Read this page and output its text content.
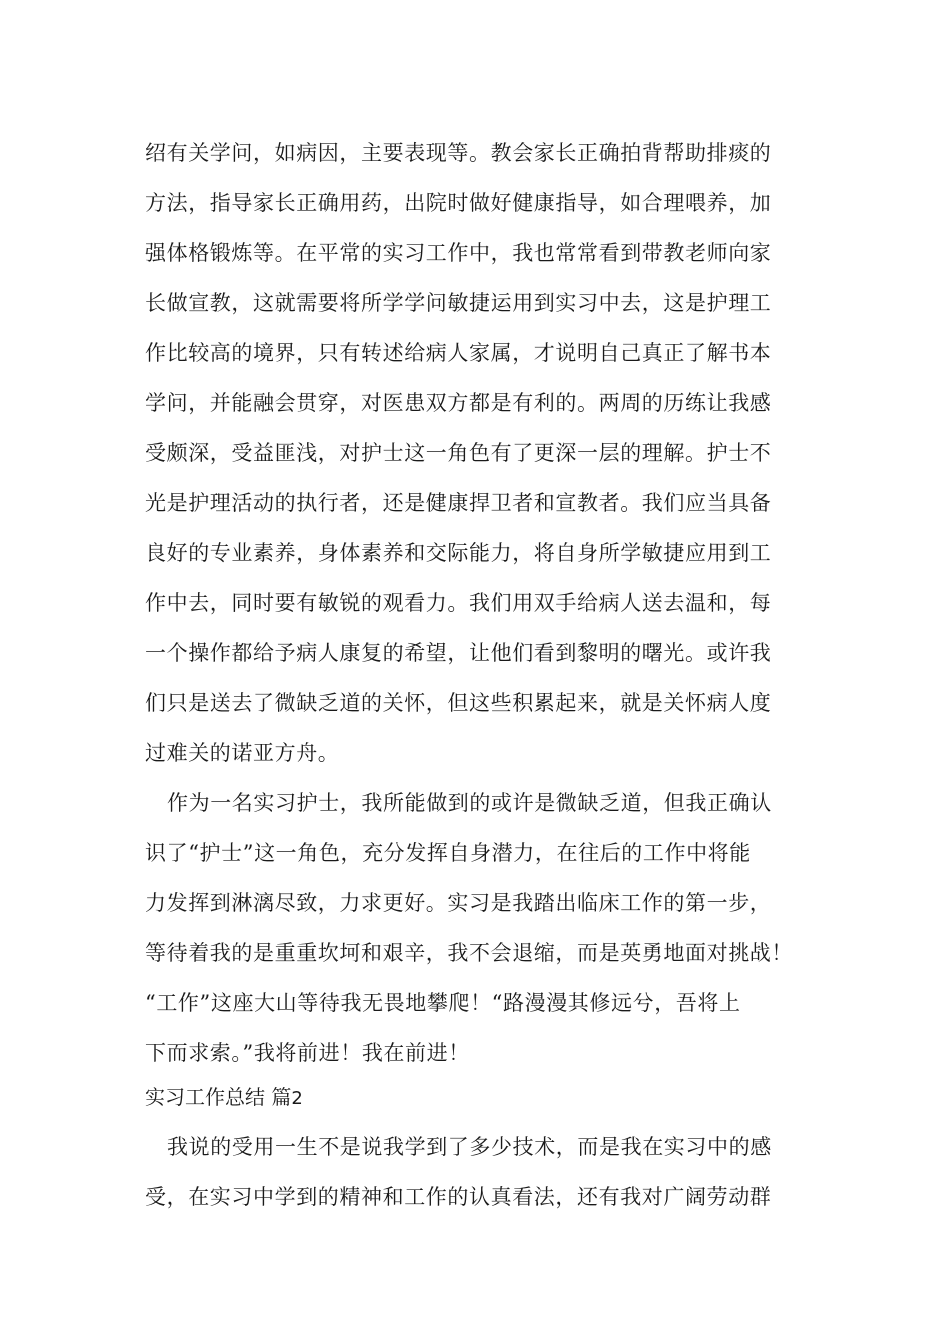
绍有关学问，如病因，主要表现等。教会家长正确拍背帮助排痰的
方法，指导家长正确用药，出院时做好健康指导，如合理喂养，加
强体格锻炼等。在平常的实习工作中，我也常常看到带教老师向家
长做宣教，这就需要将所学学问敏捷运用到实习中去，这是护理工
作比较高的境界，只有转述给病人家属，才说明自己真正了解书本
学问，并能融会贯穿，对医患双方都是有利的。两周的历练让我感
受颇深，受益匪浅，对护士这一角色有了更深一层的理解。护士不
光是护理活动的执行者，还是健康捍卫者和宣教者。我们应当具备
良好的专业素养，身体素养和交际能力，将自身所学敏捷应用到工
作中去，同时要有敏锐的观看力。我们用双手给病人送去温和，每
一个操作都给予病人康复的希望，让他们看到黎明的曙光。或许我
们只是送去了微缺乏道的关怀，但这些积累起来，就是关怀病人度
过难关的诺亚方舟。
作为一名实习护士，我所能做到的或许是微缺乏道，但我正确认
识了“护士”这一角色，充分发挥自身潜力，在往后的工作中将能
力发挥到淋漓尽致，力求更好。实习是我踏出临床工作的第一步，
等待着我的是重重坎坷和艰辛，我不会退缩，而是英勇地面对挑战！
“工作”这座大山等待我无畏地攀爬！“路漫漫其修远兮，吾将上
下而求索。”我将前进！我在前进！
实习工作总结 篇2
我说的受用一生不是说我学到了多少技术，而是我在实习中的感
受，在实习中学到的精神和工作的认真看法，还有我对广阔劳动群
